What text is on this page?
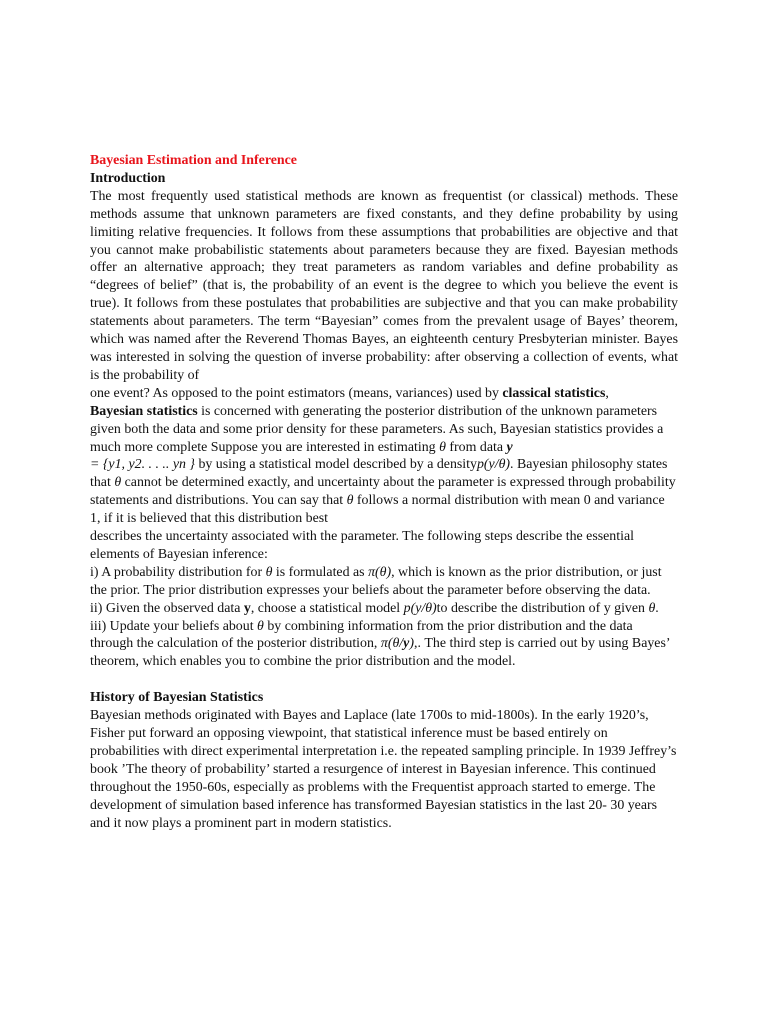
Bayesian Estimation and Inference

Introduction

The most frequently used statistical methods are known as frequentist (or classical) methods. These methods assume that unknown parameters are fixed constants, and they define probability by using limiting relative frequencies. It follows from these assumptions that probabilities are objective and that you cannot make probabilistic statements about parameters because they are fixed. Bayesian methods offer an alternative approach; they treat parameters as random variables and define probability as “degrees of belief” (that is, the probability of an event is the degree to which you believe the event is true). It follows from these postulates that probabilities are subjective and that you can make probability statements about parameters. The term “Bayesian” comes from the prevalent usage of Bayes’ theorem, which was named after the Reverend Thomas Bayes, an eighteenth century Presbyterian minister. Bayes was interested in solving the question of inverse probability: after observing a collection of events, what is the probability of

one event? As opposed to the point estimators (means, variances) used by classical statistics,
Bayesian statistics is concerned with generating the posterior distribution of the unknown parameters given both the data and some prior density for these parameters. As such, Bayesian statistics provides a much more complete Suppose you are interested in estimating θ from data y
= {y1, y2. . . .. yn } by using a statistical model described by a densityp(y/θ). Bayesian philosophy states that θ cannot be determined exactly, and uncertainty about the parameter is expressed through probability statements and distributions. You can say that θ follows a normal distribution with mean 0 and variance 1, if it is believed that this distribution best

describes the uncertainty associated with the parameter. The following steps describe the essential elements of Bayesian inference:

i) A probability distribution for θ is formulated as π(θ), which is known as the prior distribution, or just the prior. The prior distribution expresses your beliefs about the parameter before observing the data.

ii) Given the observed data y, choose a statistical model p(y/θ)to describe the distribution of y given θ.

iii) Update your beliefs about θ by combining information from the prior distribution and the data through the calculation of the posterior distribution, π(θ/y),. The third step is carried out by using Bayes’ theorem, which enables you to combine the prior distribution and the model.

History of Bayesian Statistics

Bayesian methods originated with Bayes and Laplace (late 1700s to mid-1800s). In the early 1920’s, Fisher put forward an opposing viewpoint, that statistical inference must be based entirely on probabilities with direct experimental interpretation i.e. the repeated sampling principle. In 1939 Jeffrey’s book ’The theory of probability’ started a resurgence of interest in Bayesian inference. This continued throughout the 1950-60s, especially as problems with the Frequentist approach started to emerge. The development of simulation based inference has transformed Bayesian statistics in the last 20- 30 years and it now plays a prominent part in modern statistics.
